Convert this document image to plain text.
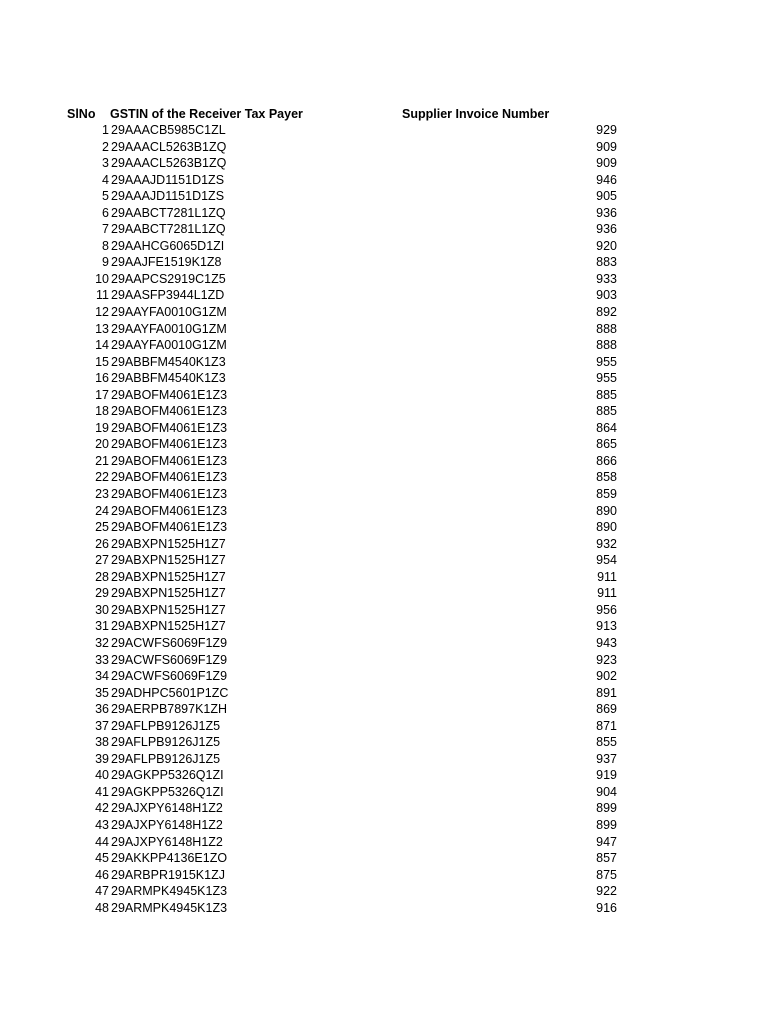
SlNo GSTIN of the Receiver Tax Payer	Supplier Invoice Number
1 29AAACB5985C1ZL	929
2 29AAACL5263B1ZQ	909
3 29AAACL5263B1ZQ	909
4 29AAAJD1151D1ZS	946
5 29AAAJD1151D1ZS	905
6 29AABCT7281L1ZQ	936
7 29AABCT7281L1ZQ	936
8 29AAHCG6065D1ZI	920
9 29AAJFE1519K1Z8	883
10 29AAPCS2919C1Z5	933
11 29AASFP3944L1ZD	903
12 29AAYFA0010G1ZM	892
13 29AAYFA0010G1ZM	888
14 29AAYFA0010G1ZM	888
15 29ABBFM4540K1Z3	955
16 29ABBFM4540K1Z3	955
17 29ABOFM4061E1Z3	885
18 29ABOFM4061E1Z3	885
19 29ABOFM4061E1Z3	864
20 29ABOFM4061E1Z3	865
21 29ABOFM4061E1Z3	866
22 29ABOFM4061E1Z3	858
23 29ABOFM4061E1Z3	859
24 29ABOFM4061E1Z3	890
25 29ABOFM4061E1Z3	890
26 29ABXPN1525H1Z7	932
27 29ABXPN1525H1Z7	954
28 29ABXPN1525H1Z7	911
29 29ABXPN1525H1Z7	911
30 29ABXPN1525H1Z7	956
31 29ABXPN1525H1Z7	913
32 29ACWFS6069F1Z9	943
33 29ACWFS6069F1Z9	923
34 29ACWFS6069F1Z9	902
35 29ADHPC5601P1ZC	891
36 29AERPB7897K1ZH	869
37 29AFLPB9126J1Z5	871
38 29AFLPB9126J1Z5	855
39 29AFLPB9126J1Z5	937
40 29AGKPP5326Q1ZI	919
41 29AGKPP5326Q1ZI	904
42 29AJXPY6148H1Z2	899
43 29AJXPY6148H1Z2	899
44 29AJXPY6148H1Z2	947
45 29AKKPP4136E1ZO	857
46 29ARBPR1915K1ZJ	875
47 29ARMPK4945K1Z3	922
48 29ARMPK4945K1Z3	916
